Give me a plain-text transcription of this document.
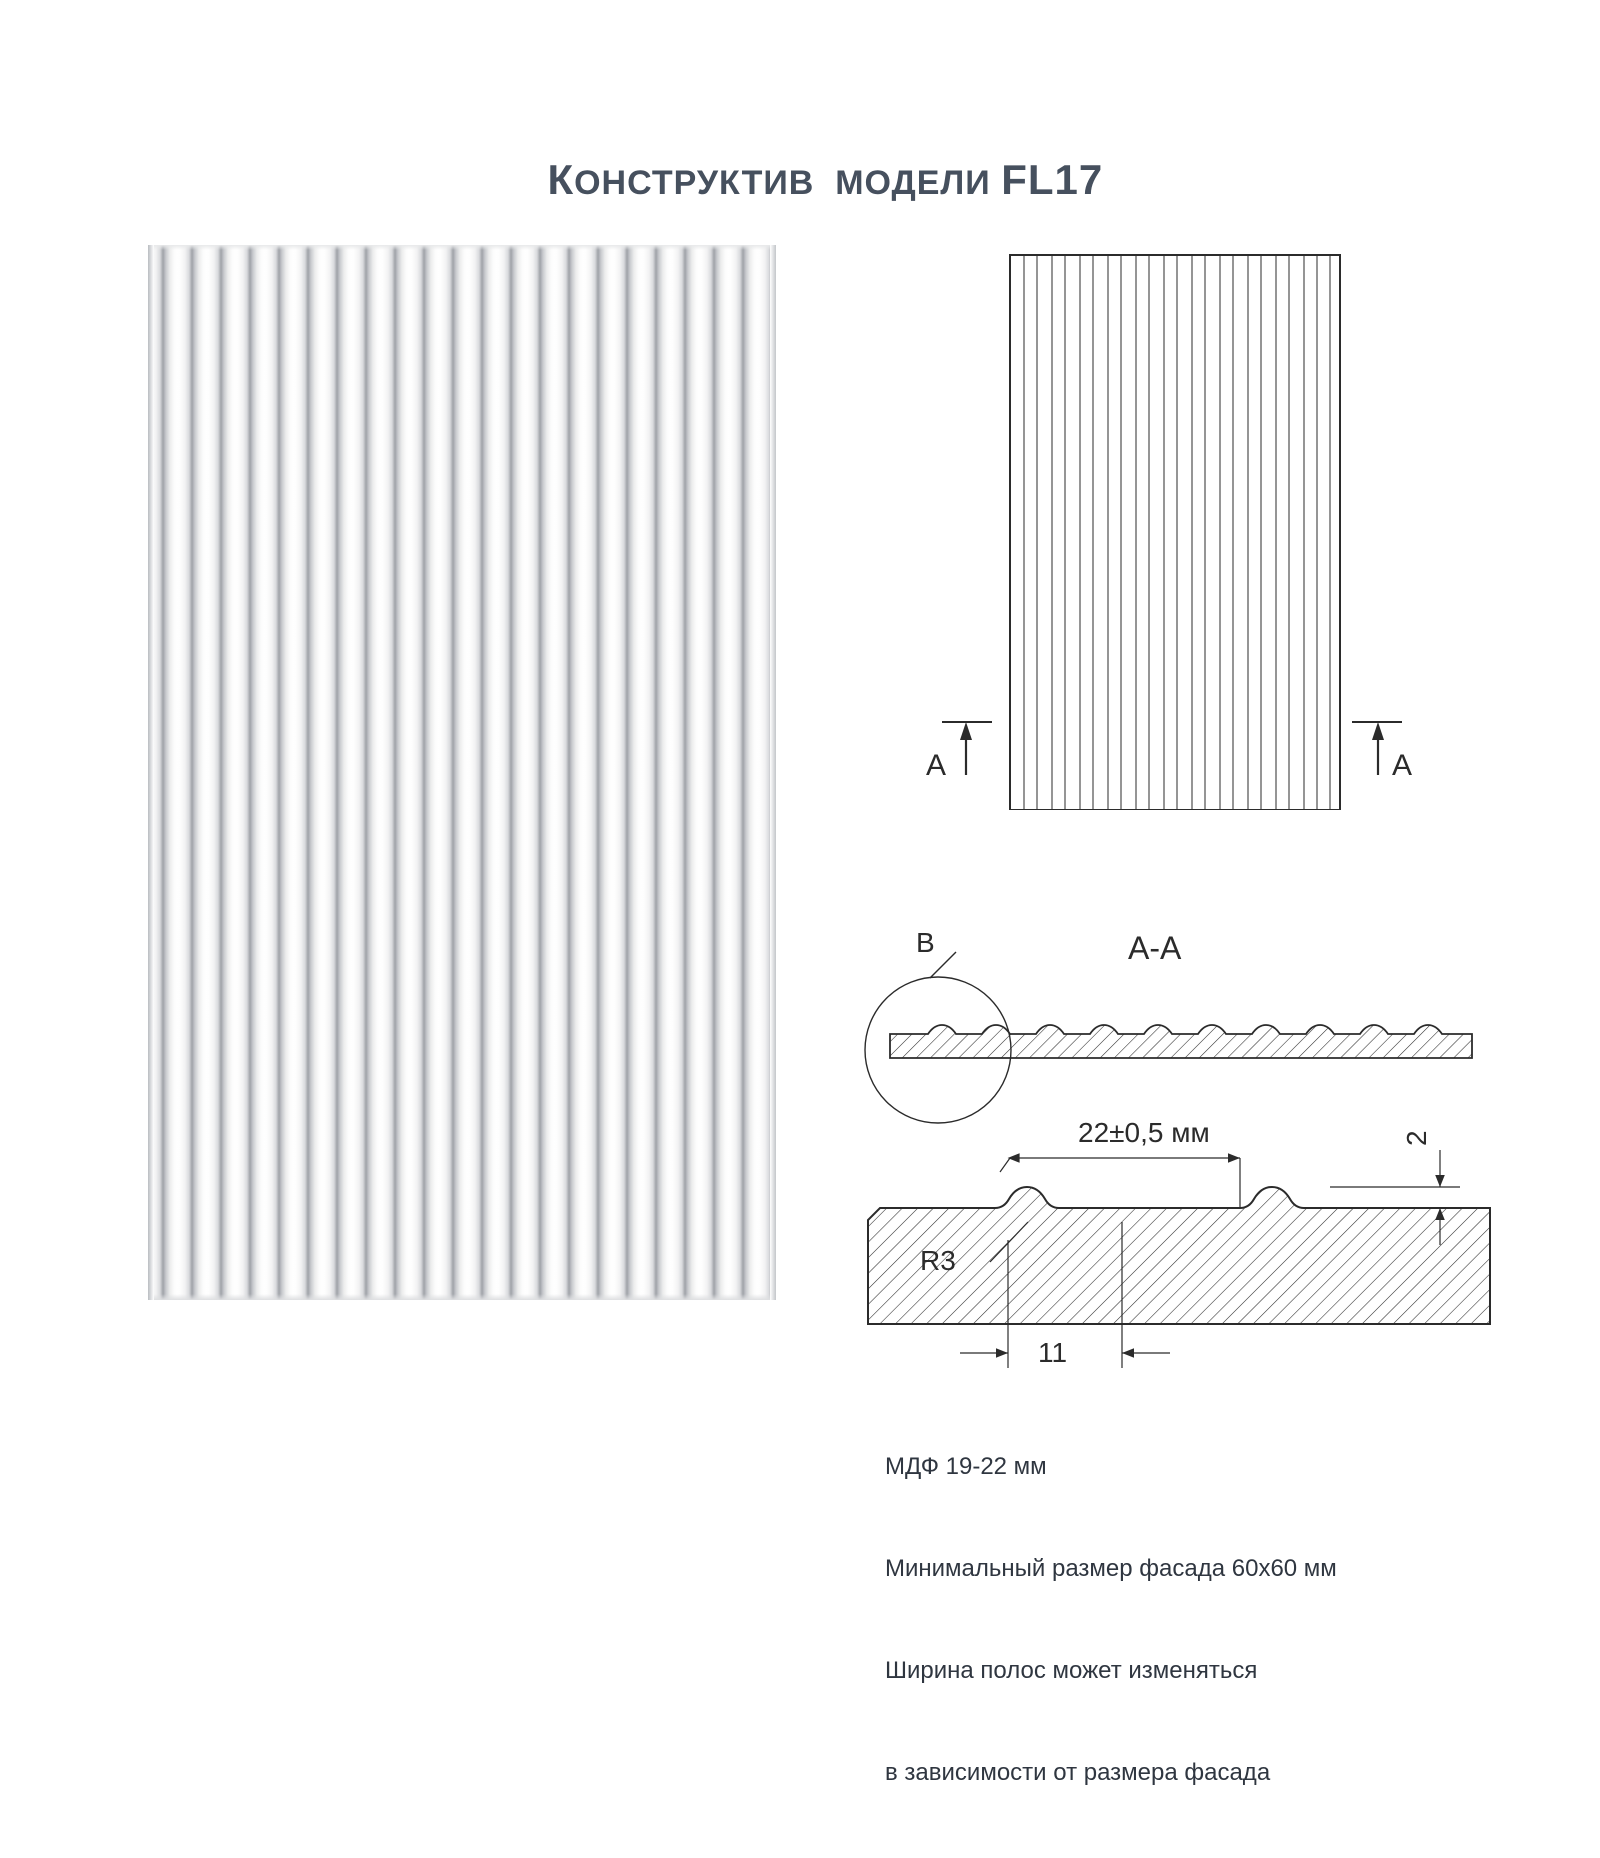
КОНСТРУКТИВ  МОДЕЛИ FL17

A	A
А-А
B
22±0,5 мм
R3
2
11

МДФ 19-22 мм

Минимальный размер фасада 60х60 мм

Ширина полос может изменяться

в зависимости от размера фасада
